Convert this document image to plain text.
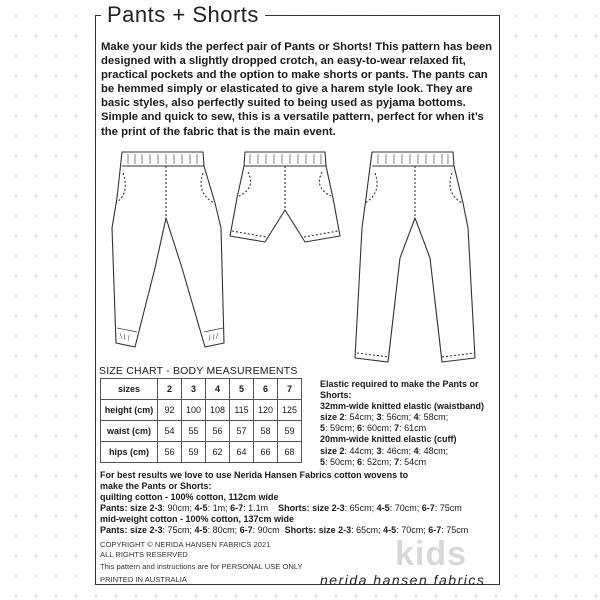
Pants + Shorts
Make your kids the perfect pair of Pants or Shorts! This pattern has been designed with a slightly dropped crotch, an easy-to-wear relaxed fit, practical pockets and the option to make shorts or pants. The pants can be hemmed simply or elasticated to give a harem style look. They are basic styles, also perfectly suited to being used as pyjama bottoms. Simple and quick to sew, this is a versatile pattern, perfect for when it’s the print of the fabric that is the main event.
SIZE CHART - BODY MEASUREMENTS
sizes	2	3	4	5	6	7
height (cm)	92	100	108	115	120	125
waist (cm)	54	55	56	57	58	59
hips (cm)	56	59	62	64	66	68
Elastic required to make the Pants or Shorts:
32mm-wide knitted elastic (waistband)
size 2: 54cm; 3: 56cm; 4: 58cm;
5: 59cm; 6: 60cm; 7: 61cm
20mm-wide knitted elastic (cuff)
size 2: 44cm; 3: 46cm; 4: 48cm;
5: 50cm; 6: 52cm; 7: 54cm
For best results we love to use Nerida Hansen Fabrics cotton wovens to
make the Pants or Shorts:
quilting cotton - 100% cotton, 112cm wide
Pants: size 2-3: 90cm; 4-5: 1m; 6-7: 1.1m Shorts: size 2-3: 65cm; 4-5: 70cm; 6-7: 75cm
mid-weight cotton - 100% cotton, 137cm wide
Pants: size 2-3: 75cm; 4-5: 80cm; 6-7: 90cm Shorts: size 2-3: 65cm; 4-5: 70cm; 6-7: 75cm
COPYRIGHT © NERIDA HANSEN FABRICS 2021
ALL RIGHTS RESERVED
This pattern and instructions are for PERSONAL USE ONLY
PRINTED IN AUSTRALIA
kids
nerida hansen fabrics
